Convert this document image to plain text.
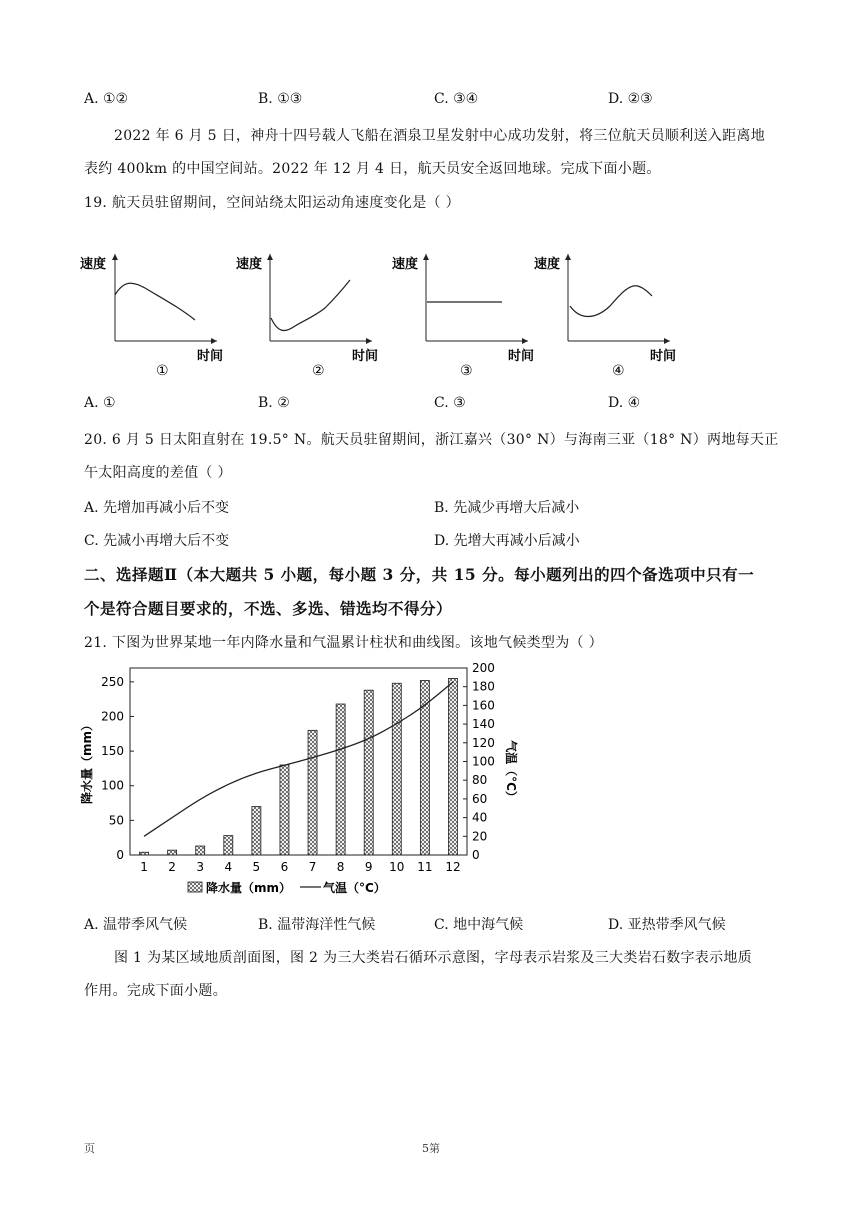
A. ①②	B. ①③	C. ③④	D. ②③
2022 年 6 月 5 日，神舟十四号载人飞船在酒泉卫星发射中心成功发射，将三位航天员顺利送入距离地
表约 400km 的中国空间站。2022 年 12 月 4 日，航天员安全返回地球。完成下面小题。
19. 航天员驻留期间，空间站绕太阳运动角速度变化是（ ）
速度
时间
①
速度
时间
②
速度
时间
③
速度
时间
④
A. ①	B. ②	C. ③	D. ④
20. 6 月 5 日太阳直射在 19.5° N。航天员驻留期间，浙江嘉兴（30° N）与海南三亚（18° N）两地每天正
午太阳高度的差值（ ）
A. 先增加再减小后不变	B. 先减少再增大后减小
C. 先减小再增大后不变	D. 先增大再减小后减小
二、选择题Ⅱ（本大题共 5 小题，每小题 3 分，共 15 分。每小题列出的四个备选项中只有一
个是符合题目要求的，不选、多选、错选均不得分）
21. 下图为世界某地一年内降水量和气温累计柱状和曲线图。该地气候类型为（ ）
0
50
100
150
200
250
0
20
40
60
80
100
120
140
160
180
200
1 2 3 4 5 6 7 8 9 10 11 12
降水量（mm）	气温（°C）
降水量（mm）	气温（°C）
A. 温带季风气候	B. 温带海洋性气候	C. 地中海气候	D. 亚热带季风气候
图 1 为某区域地质剖面图，图 2 为三大类岩石循环示意图，字母表示岩浆及三大类岩石数字表示地质
作用。完成下面小题。
页	5第
